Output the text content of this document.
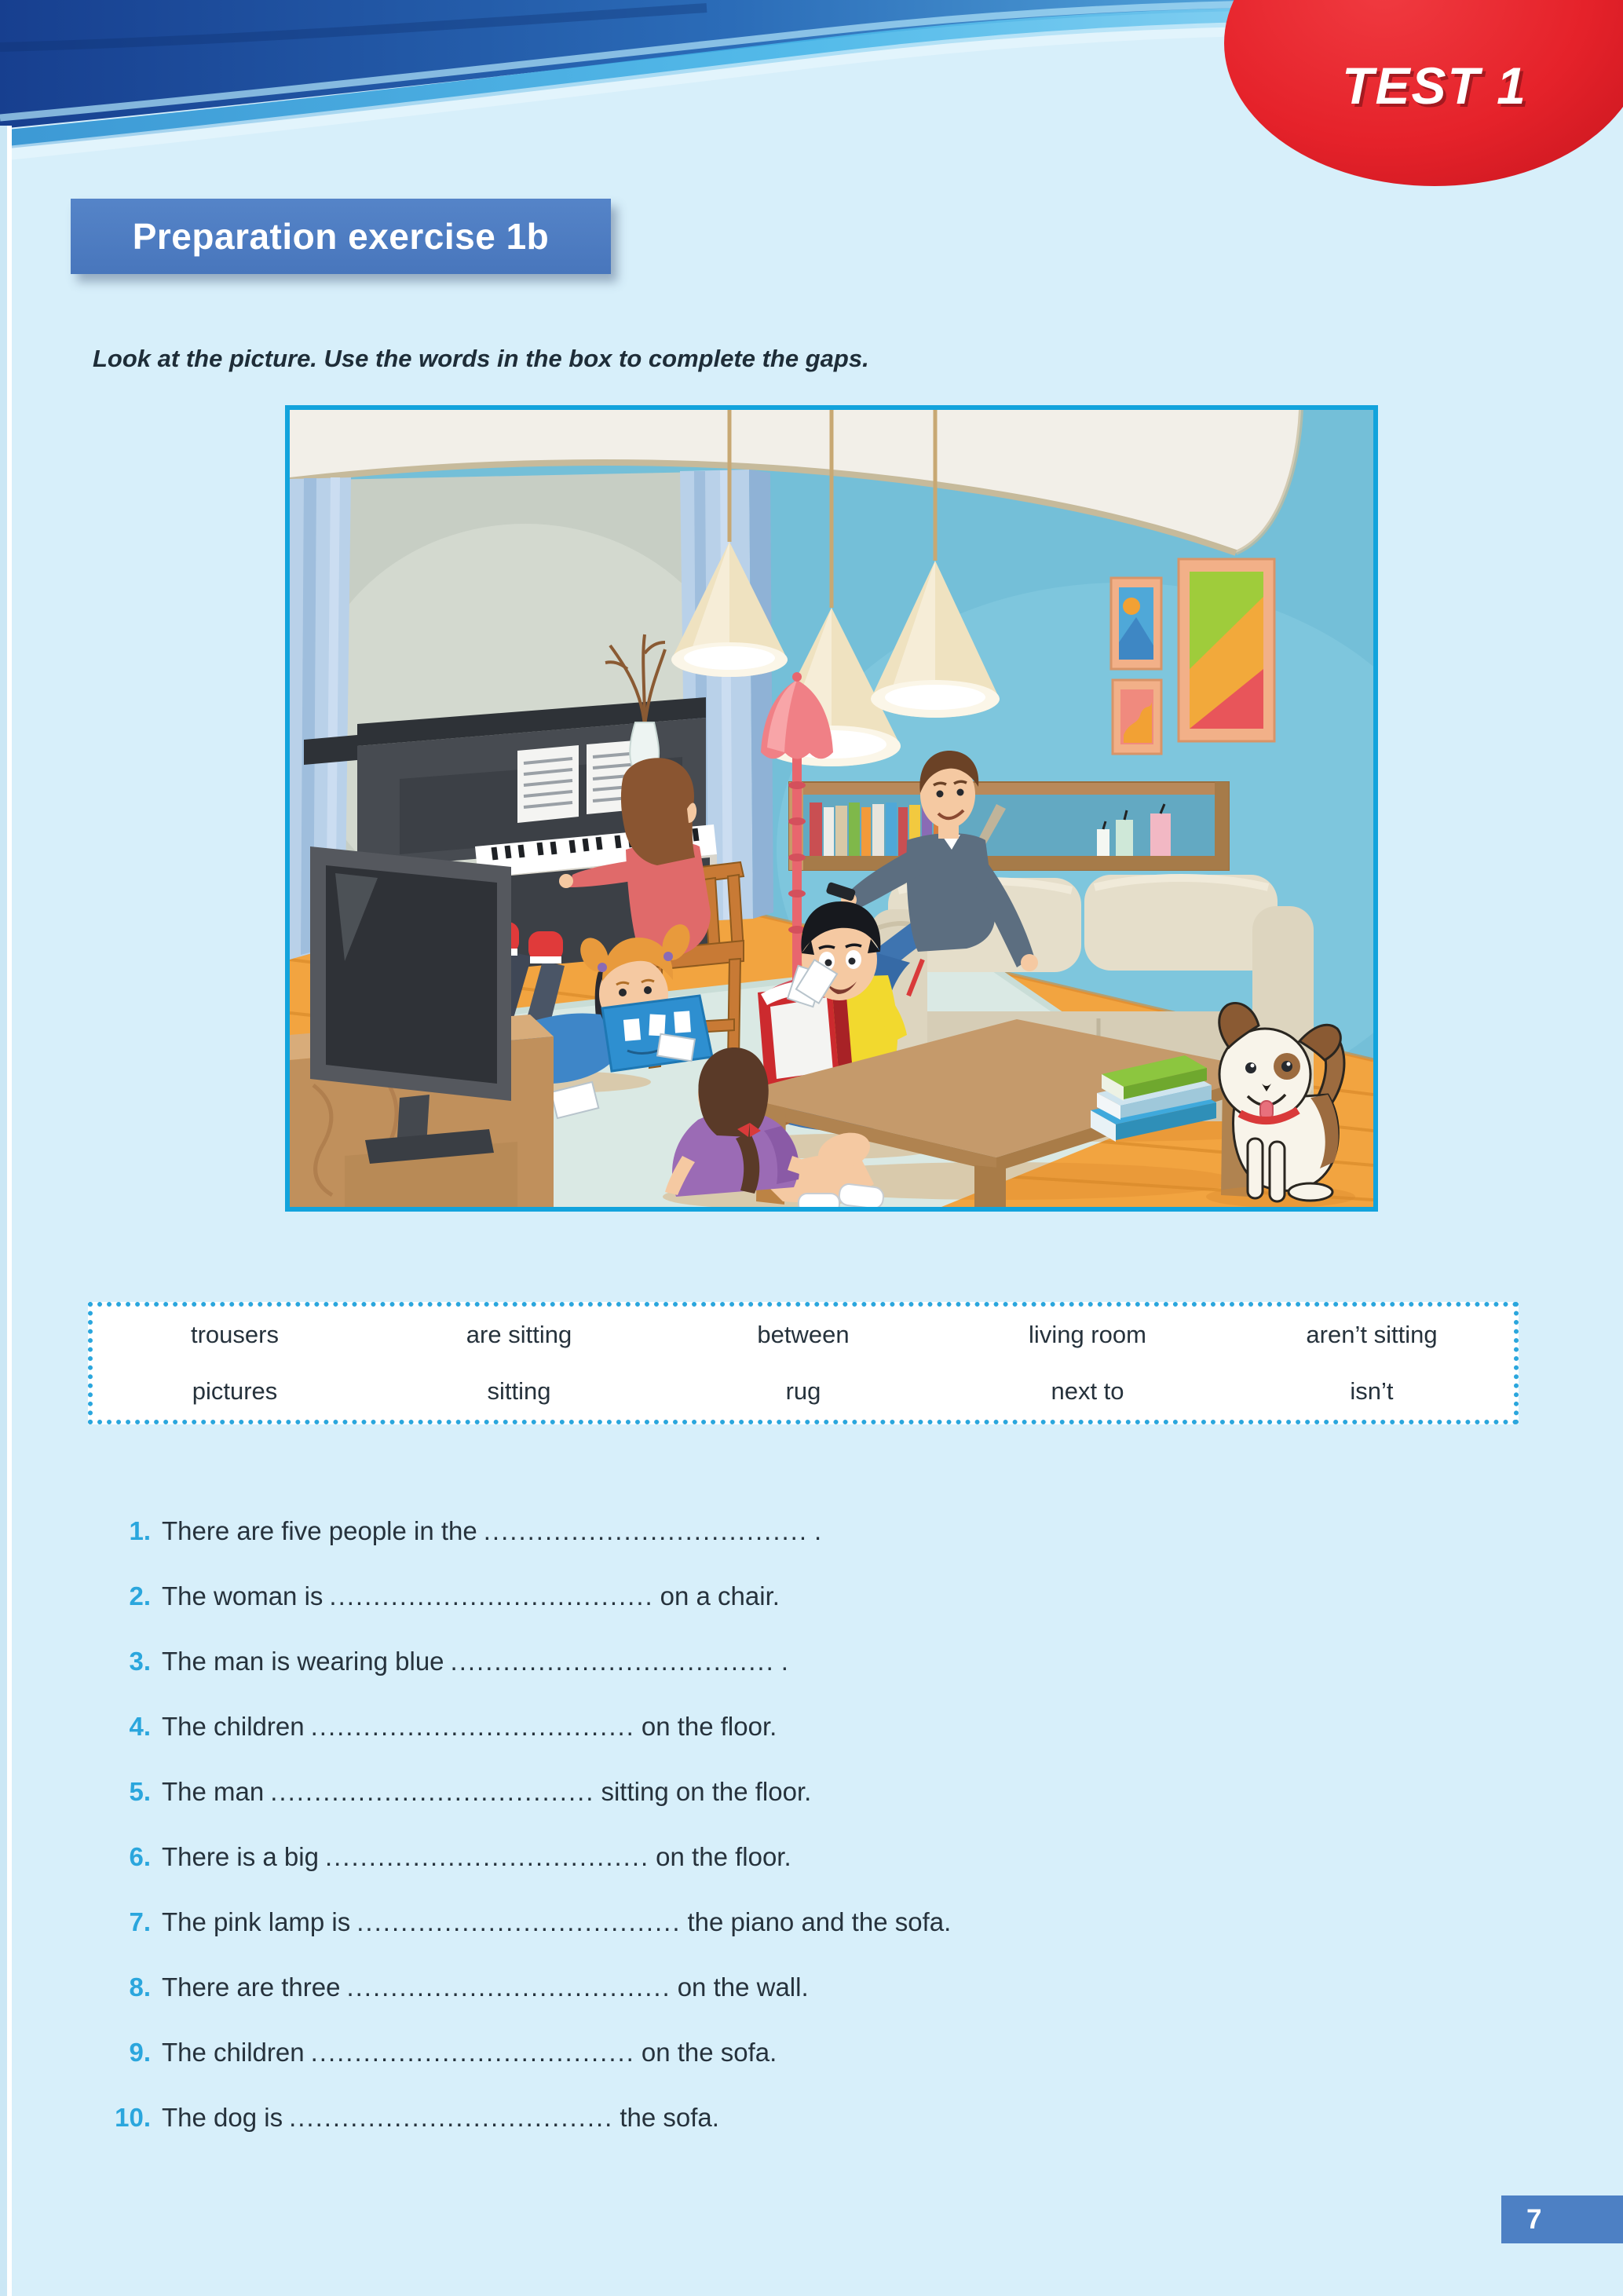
TEST 1
Preparation exercise 1b

Look at the picture. Use the words in the box to complete the gaps.

trousers	are sitting	between	living room	aren’t sitting
pictures	sitting	rug	next to	isn’t
1. There are five people in the ..................................... .
2. The woman is ..................................... on a chair.
3. The man is wearing blue ..................................... .
4. The children ..................................... on the floor.
5. The man ..................................... sitting on the floor.
6. There is a big ..................................... on the floor.
7. The pink lamp is ..................................... the piano and the sofa.
8. There are three ..................................... on the wall.
9. The children ..................................... on the sofa.
10. The dog is ..................................... the sofa.
7
